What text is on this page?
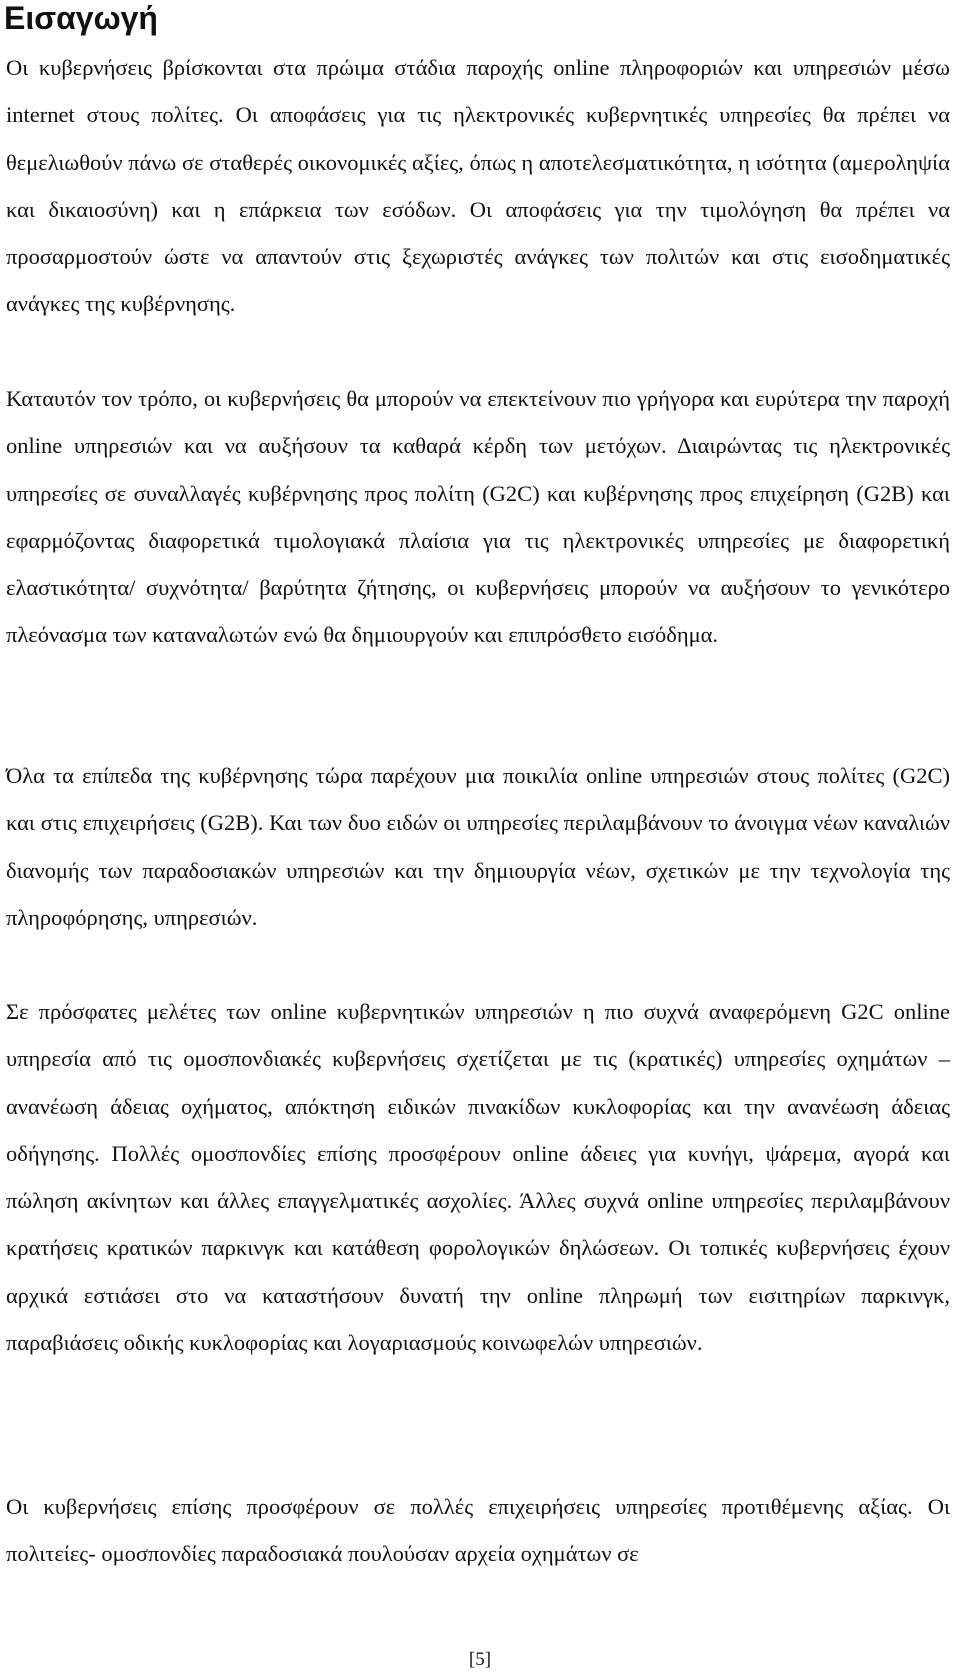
Εισαγωγή

Οι κυβερνήσεις βρίσκονται στα πρώιμα στάδια παροχής online πληροφοριών και υπηρεσιών μέσω internet στους πολίτες. Οι αποφάσεις για τις ηλεκτρονικές κυβερνητικές υπηρεσίες θα πρέπει να θεμελιωθούν πάνω σε σταθερές οικονομικές αξίες, όπως η αποτελεσματικότητα, η ισότητα (αμεροληψία και δικαιοσύνη) και η επάρκεια των εσόδων. Οι αποφάσεις για την τιμολόγηση θα πρέπει να προσαρμοστούν ώστε να απαντούν στις ξεχωριστές ανάγκες των πολιτών και στις εισοδηματικές ανάγκες της κυβέρνησης.

Καταυτόν τον τρόπο, οι κυβερνήσεις θα μπορούν να επεκτείνουν πιο γρήγορα και ευρύτερα την παροχή online υπηρεσιών και να αυξήσουν τα καθαρά κέρδη των μετόχων. Διαιρώντας τις ηλεκτρονικές υπηρεσίες σε συναλλαγές κυβέρνησης προς πολίτη (G2C) και κυβέρνησης προς επιχείρηση (G2B) και εφαρμόζοντας διαφορετικά τιμολογιακά πλαίσια για τις ηλεκτρονικές υπηρεσίες με διαφορετική ελαστικότητα/ συχνότητα/ βαρύτητα ζήτησης, οι κυβερνήσεις μπορούν να αυξήσουν το γενικότερο πλεόνασμα των καταναλωτών ενώ θα δημιουργούν και επιπρόσθετο εισόδημα.

Όλα τα επίπεδα της κυβέρνησης τώρα παρέχουν μια ποικιλία online υπηρεσιών στους πολίτες (G2C) και στις επιχειρήσεις (G2B). Και των δυο ειδών οι υπηρεσίες περιλαμβάνουν το άνοιγμα νέων καναλιών διανομής των παραδοσιακών υπηρεσιών και την δημιουργία νέων, σχετικών με την τεχνολογία της πληροφόρησης, υπηρεσιών.

Σε πρόσφατες μελέτες των online κυβερνητικών υπηρεσιών η πιο συχνά αναφερόμενη G2C online υπηρεσία από τις ομοσπονδιακές κυβερνήσεις σχετίζεται με τις (κρατικές) υπηρεσίες οχημάτων – ανανέωση άδειας οχήματος, απόκτηση ειδικών πινακίδων κυκλοφορίας και την ανανέωση άδειας οδήγησης. Πολλές ομοσπονδίες επίσης προσφέρουν online άδειες για κυνήγι, ψάρεμα, αγορά και πώληση ακίνητων και άλλες επαγγελματικές ασχολίες. Άλλες συχνά online υπηρεσίες περιλαμβάνουν κρατήσεις κρατικών παρκινγκ και κατάθεση φορολογικών δηλώσεων. Οι τοπικές κυβερνήσεις έχουν αρχικά εστιάσει στο να καταστήσουν δυνατή την online πληρωμή των εισιτηρίων παρκινγκ, παραβιάσεις οδικής κυκλοφορίας και λογαριασμούς κοινωφελών υπηρεσιών.

Οι κυβερνήσεις επίσης προσφέρουν σε πολλές επιχειρήσεις υπηρεσίες προτιθέμενης αξίας. Οι πολιτείες- ομοσπονδίες παραδοσιακά πουλούσαν αρχεία οχημάτων σε

[5]
